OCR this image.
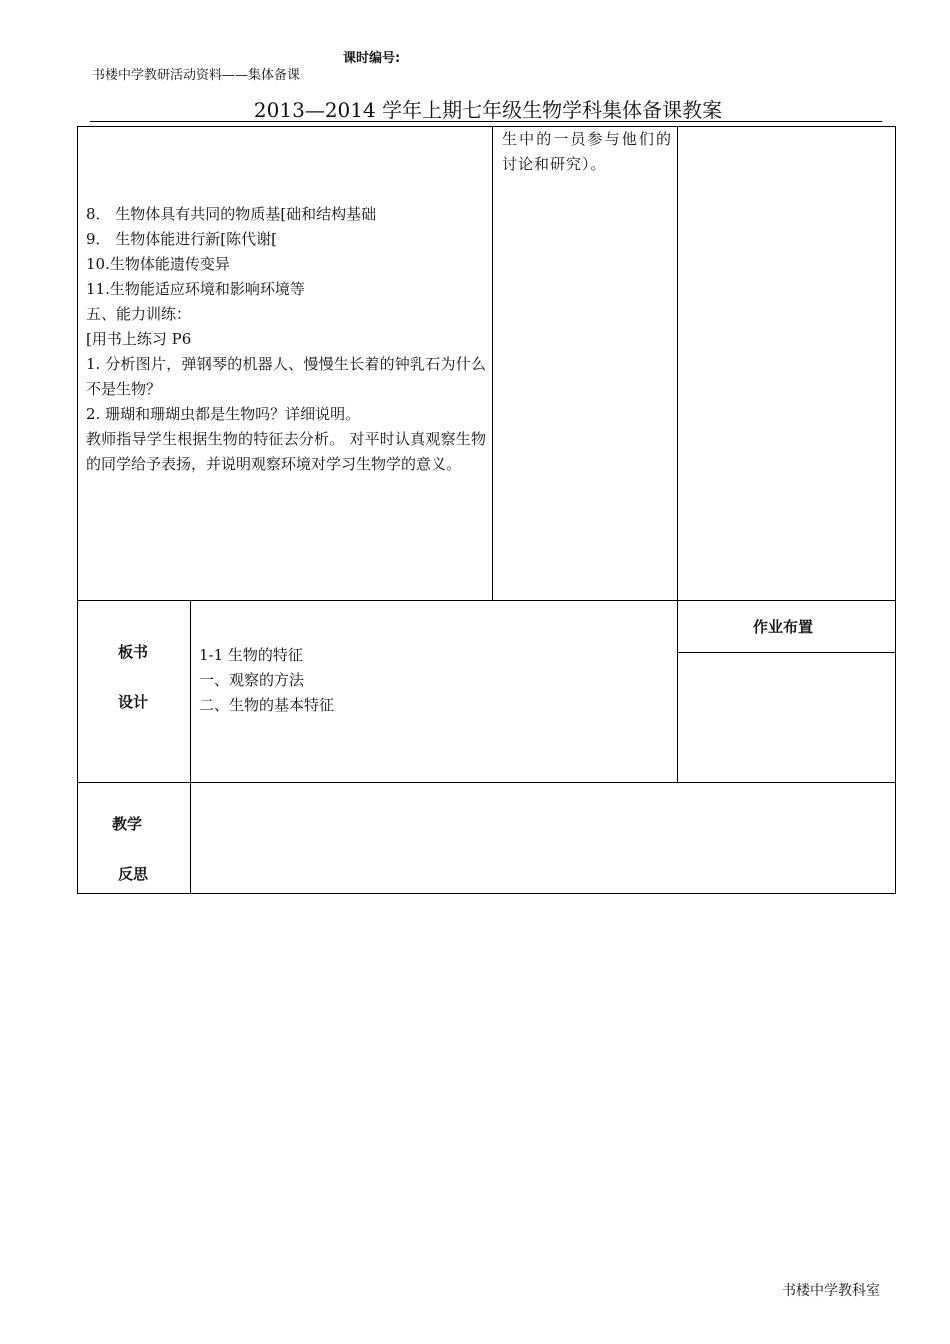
课时编号:
书楼中学教研活动资料——集体备课
2013—2014 学年上期七年级生物学科集体备课教案
8． 生物体具有共同的物质基[础和结构基础
9． 生物体能进行新[陈代谢[
10.生物体能遗传变异
11.生物能适应环境和影响环境等
五、能力训练：
[用书上练习 P6
1. 分析图片，弹钢琴的机器人、慢慢生长着的钟乳石为什么不是生物？
2. 珊瑚和珊瑚虫都是生物吗？详细说明。
教师指导学生根据生物的特征去分析。 对平时认真观察生物的同学给予表扬，并说明观察环境对学习生物学的意义。
生中的一员参与他们的讨论和研究）。
板书
设计
1-1 生物的特征
一、观察的方法
二、生物的基本特征
作业布置
教学
反思
书楼中学教科室
